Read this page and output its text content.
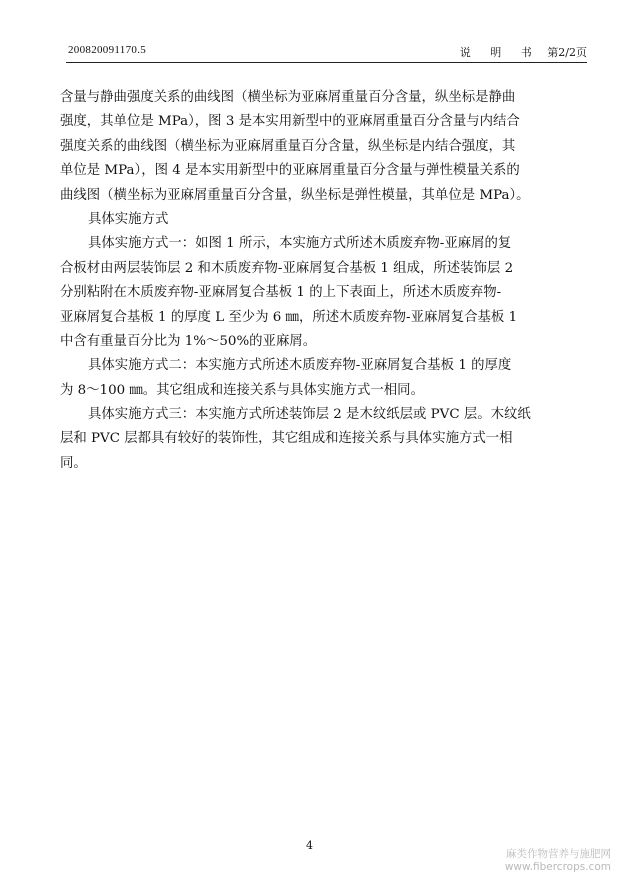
200820091170.5	说 明 书 第2/2页
含量与静曲强度关系的曲线图（横坐标为亚麻屑重量百分含量，纵坐标是静曲
强度，其单位是 MPa），图 3 是本实用新型中的亚麻屑重量百分含量与内结合
强度关系的曲线图（横坐标为亚麻屑重量百分含量，纵坐标是内结合强度，其
单位是 MPa），图 4 是本实用新型中的亚麻屑重量百分含量与弹性模量关系的
曲线图（横坐标为亚麻屑重量百分含量，纵坐标是弹性模量，其单位是 MPa）。
具体实施方式
具体实施方式一：如图 1 所示，本实施方式所述木质废弃物-亚麻屑的复
合板材由两层装饰层 2 和木质废弃物-亚麻屑复合基板 1 组成，所述装饰层 2
分别粘附在木质废弃物-亚麻屑复合基板 1 的上下表面上，所述木质废弃物-
亚麻屑复合基板 1 的厚度 L 至少为 6 ㎜，所述木质废弃物-亚麻屑复合基板 1
中含有重量百分比为 1%～50%的亚麻屑。
具体实施方式二：本实施方式所述木质废弃物-亚麻屑复合基板 1 的厚度
为 8～100 ㎜。其它组成和连接关系与具体实施方式一相同。
具体实施方式三：本实施方式所述装饰层 2 是木纹纸层或 PVC 层。木纹纸
层和 PVC 层都具有较好的装饰性，其它组成和连接关系与具体实施方式一相
同。
4
麻类作物营养与施肥网
www.fibercrops.com
